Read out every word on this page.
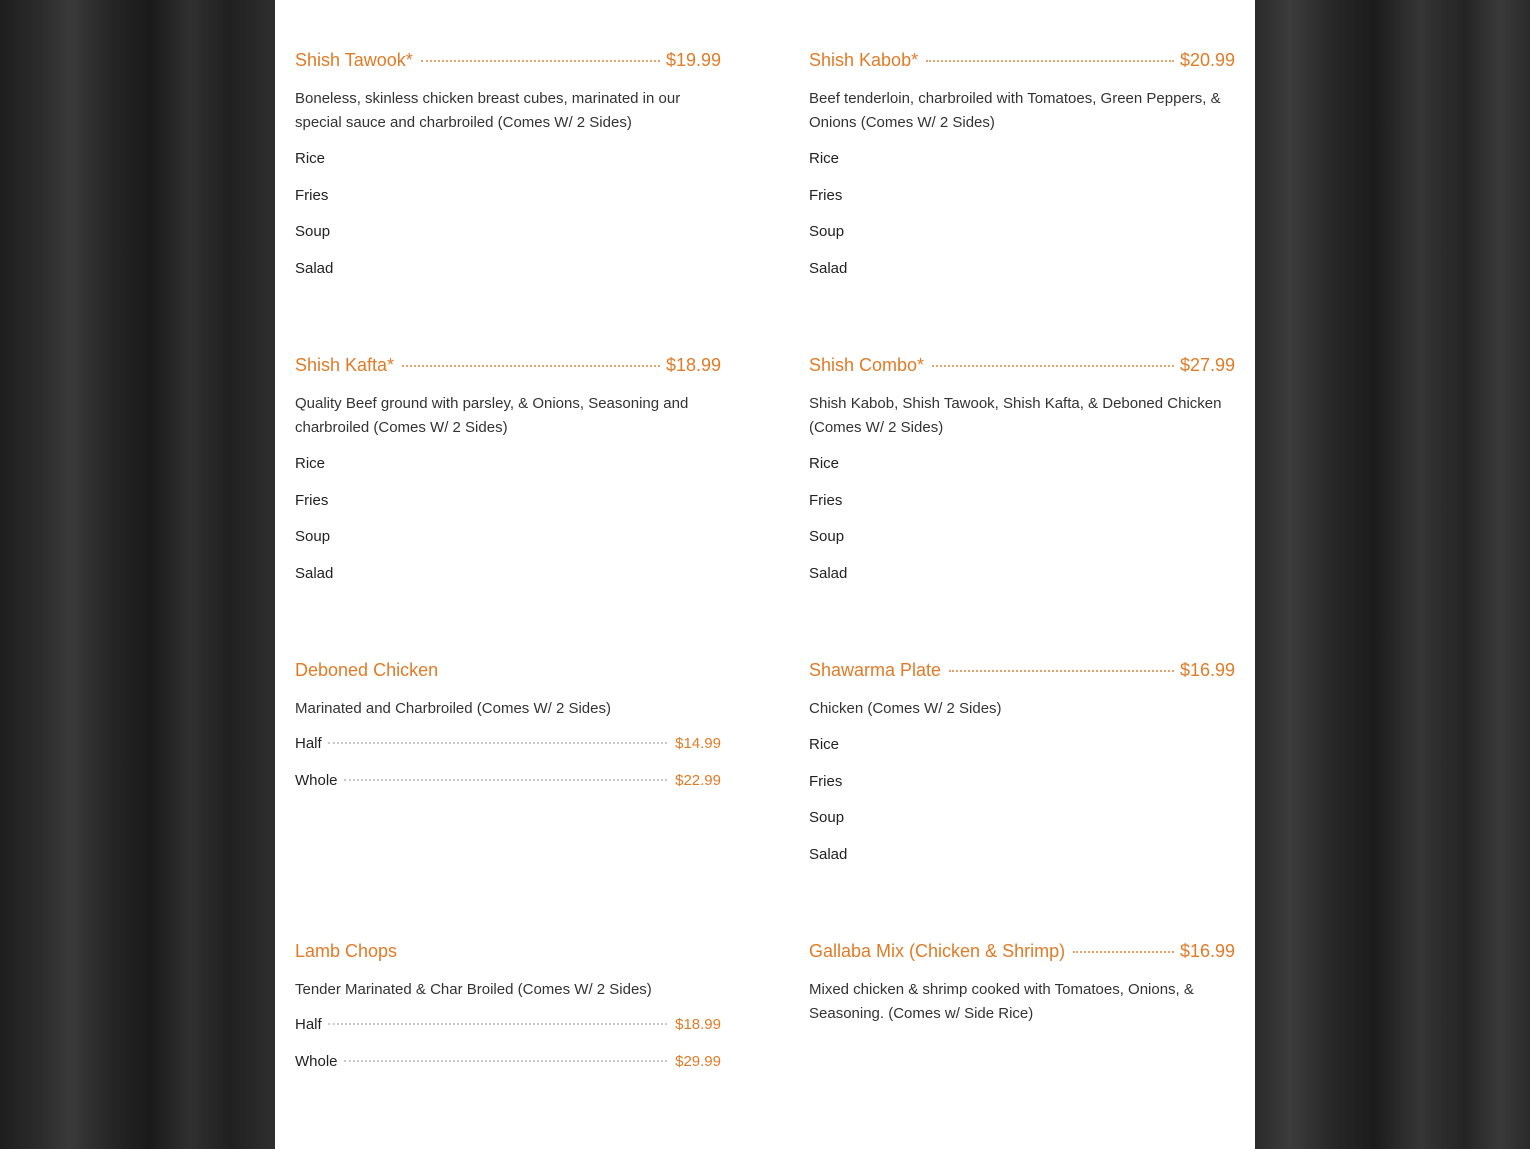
Shish Tawook*	$19.99
Boneless, skinless chicken breast cubes, marinated in our special sauce and charbroiled (Comes W/ 2 Sides)
Rice
Fries
Soup
Salad
Shish Kabob*	$20.99
Beef tenderloin, charbroiled with Tomatoes, Green Peppers, & Onions (Comes W/ 2 Sides)
Rice
Fries
Soup
Salad
Shish Kafta*	$18.99
Quality Beef ground with parsley, & Onions, Seasoning and charbroiled (Comes W/ 2 Sides)
Rice
Fries
Soup
Salad
Shish Combo*	$27.99
Shish Kabob, Shish Tawook, Shish Kafta, & Deboned Chicken (Comes W/ 2 Sides)
Rice
Fries
Soup
Salad
Deboned Chicken
Marinated and Charbroiled (Comes W/ 2 Sides)
Half	$14.99
Whole	$22.99
Shawarma Plate	$16.99
Chicken (Comes W/ 2 Sides)
Rice
Fries
Soup
Salad
Lamb Chops
Tender Marinated & Char Broiled (Comes W/ 2 Sides)
Half	$18.99
Whole	$29.99
Gallaba Mix (Chicken & Shrimp)	$16.99
Mixed chicken & shrimp cooked with Tomatoes, Onions, & Seasoning. (Comes w/ Side Rice)
